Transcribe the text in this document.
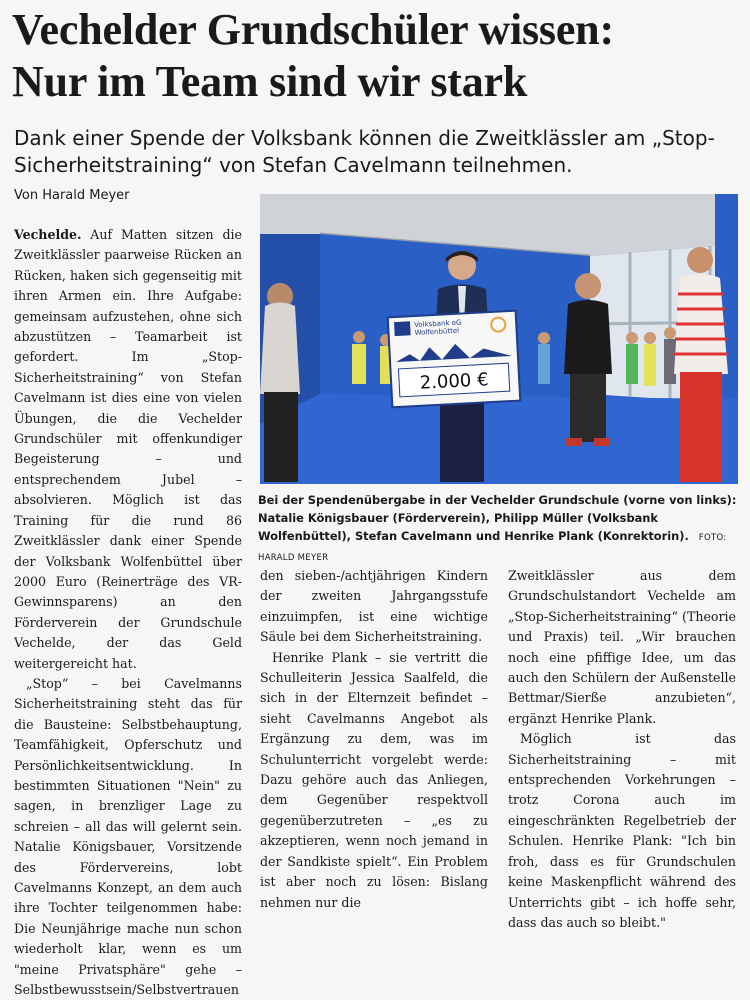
Vechelder Grundschüler wissen:
Nur im Team sind wir stark

Dank einer Spende der Volksbank können die Zweitklässler am „Stop-Sicherheitstraining“ von Stefan Cavelmann teilnehmen.

Von Harald Meyer

Vechelde. Auf Matten sitzen die Zweitklässler paarweise Rücken an Rücken, haken sich gegenseitig mit ihren Armen ein. Ihre Aufgabe: gemeinsam aufzustehen, ohne sich abzustützen – Teamarbeit ist gefordert. Im „Stop-Sicherheitstraining“ von Stefan Cavelmann ist dies eine von vielen Übungen, die die Vechelder Grundschüler mit offenkundiger Begeisterung – und entsprechendem Jubel – absolvieren. Möglich ist das Training für die rund 86 Zweitklässler dank einer Spende der Volksbank Wolfenbüttel über 2000 Euro (Reinerträge des VR-Gewinnsparens) an den Förderverein der Grundschule Vechelde, der das Geld weitergereicht hat.

„Stop“ – bei Cavelmanns Sicherheitstraining steht das für die Bausteine: Selbstbehauptung, Teamfähigkeit, Opferschutz und Persönlichkeitsentwicklung. In bestimmten Situationen "Nein" zu sagen, in brenzliger Lage zu schreien – all das will gelernt sein. Natalie Königsbauer, Vorsitzende des Fördervereins, lobt Cavelmanns Konzept, an dem auch ihre Tochter teilgenommen habe: Die Neunjährige mache nun schon wiederholt klar, wenn es um "meine Privatsphäre" gehe – Selbstbewusstsein/Selbstvertrauen

Volksbank eG
Wolfenbüttel
2.000 €

Bei der Spendenübergabe in der Vechelder Grundschule (vorne von links): Natalie Königsbauer (Förderverein), Philipp Müller (Volksbank Wolfenbüttel), Stefan Cavelmann und Henrike Plank (Konrektorin). FOTO: HARALD MEYER

den sieben-/achtjährigen Kindern der zweiten Jahrgangsstufe einzuimpfen, ist eine wichtige Säule bei dem Sicherheitstraining.

Henrike Plank – sie vertritt die Schulleiterin Jessica Saalfeld, die sich in der Elternzeit befindet – sieht Cavelmanns Angebot als Ergänzung zu dem, was im Schulunterricht vorgelebt werde: Dazu gehöre auch das Anliegen, dem Gegenüber respektvoll gegenüberzutreten – „es zu akzeptieren, wenn noch jemand in der Sandkiste spielt“. Ein Problem ist aber noch zu lösen: Bislang nehmen nur die

Zweitklässler aus dem Grundschulstandort Vechelde am „Stop-Sicherheitstraining“ (Theorie und Praxis) teil. „Wir brauchen noch eine pfiffige Idee, um das auch den Schülern der Außenstelle Bettmar/Sierße anzubieten“, ergänzt Henrike Plank.

Möglich ist das Sicherheitstraining – mit entsprechenden Vorkehrungen – trotz Corona auch im eingeschränkten Regelbetrieb der Schulen. Henrike Plank: "Ich bin froh, dass es für Grundschulen keine Maskenpflicht während des Unterrichts gibt – ich hoffe sehr, dass das auch so bleibt."
